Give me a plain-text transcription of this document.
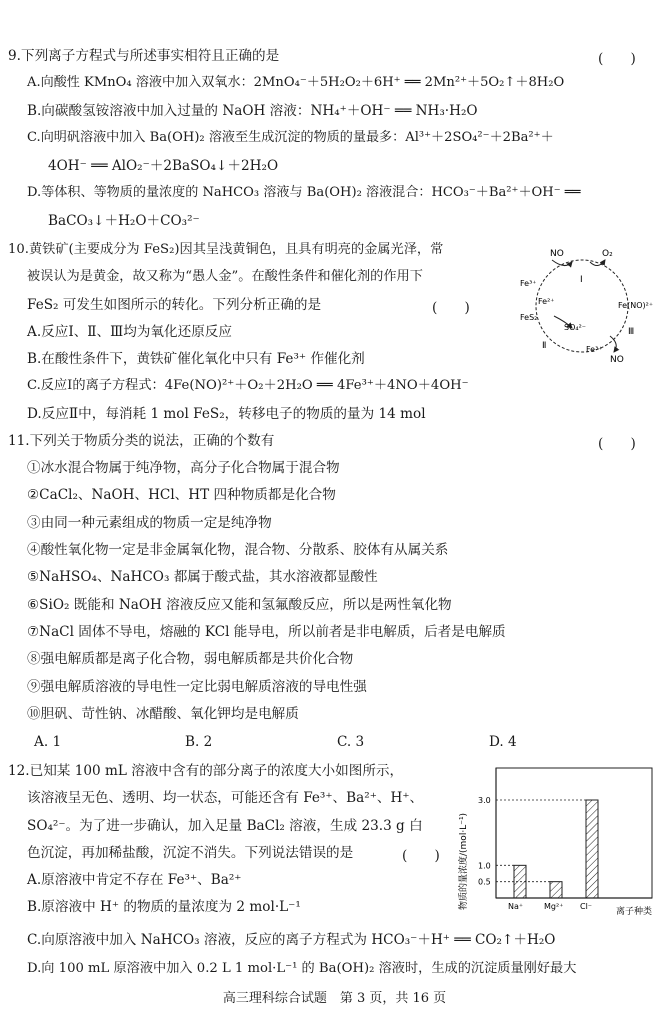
9.下列离子方程式与所述事实相符且正确的是	(　　)
A.向酸性 KMnO₄ 溶液中加入双氧水：2MnO₄⁻＋5H₂O₂＋6H⁺ ══ 2Mn²⁺＋5O₂↑＋8H₂O
B.向碳酸氢铵溶液中加入过量的 NaOH 溶液：NH₄⁺＋OH⁻ ══ NH₃·H₂O
C.向明矾溶液中加入 Ba(OH)₂ 溶液至生成沉淀的物质的量最多：Al³⁺＋2SO₄²⁻＋2Ba²⁺＋
4OH⁻ ══ AlO₂⁻＋2BaSO₄↓＋2H₂O
D.等体积、等物质的量浓度的 NaHCO₃ 溶液与 Ba(OH)₂ 溶液混合：HCO₃⁻＋Ba²⁺＋OH⁻ ══
BaCO₃↓＋H₂O＋CO₃²⁻
10.黄铁矿(主要成分为 FeS₂)因其呈浅黄铜色，且具有明亮的金属光泽，常
被误认为是黄金，故又称为“愚人金”。在酸性条件和催化剂的作用下
FeS₂ 可发生如图所示的转化。下列分析正确的是	(　　)
A.反应Ⅰ、Ⅱ、Ⅲ均为氧化还原反应
B.在酸性条件下，黄铁矿催化氧化中只有 Fe³⁺ 作催化剂
C.反应Ⅰ的离子方程式：4Fe(NO)²⁺＋O₂＋2H₂O ══ 4Fe³⁺＋4NO＋4OH⁻
D.反应Ⅱ中，每消耗 1 mol FeS₂，转移电子的物质的量为 14 mol
NO	O₂
Ⅰ
Fe³⁺
Fe²⁺
FeS₂
SO₄²⁻
Fe(NO)²⁺
Ⅱ
Ⅲ
Fe³⁺
NO
11.下列关于物质分类的说法，正确的个数有	(　　)
①冰水混合物属于纯净物，高分子化合物属于混合物
②CaCl₂、NaOH、HCl、HT 四种物质都是化合物
③由同一种元素组成的物质一定是纯净物
④酸性氧化物一定是非金属氧化物，混合物、分散系、胶体有从属关系
⑤NaHSO₄、NaHCO₃ 都属于酸式盐，其水溶液都显酸性
⑥SiO₂ 既能和 NaOH 溶液反应又能和氢氟酸反应，所以是两性氧化物
⑦NaCl 固体不导电，熔融的 KCl 能导电，所以前者是非电解质，后者是电解质
⑧强电解质都是离子化合物，弱电解质都是共价化合物
⑨强电解质溶液的导电性一定比弱电解质溶液的导电性强
⑩胆矾、苛性钠、冰醋酸、氧化钾均是电解质
A. 1	B. 2	C. 3	D. 4
12.已知某 100 mL 溶液中含有的部分离子的浓度大小如图所示，
该溶液呈无色、透明、均一状态，可能还含有 Fe³⁺、Ba²⁺、H⁺、
SO₄²⁻。为了进一步确认，加入足量 BaCl₂ 溶液，生成 23.3 g 白
色沉淀，再加稀盐酸，沉淀不消失。下列说法错误的是	(　　)
A.原溶液中肯定不存在 Fe³⁺、Ba²⁺
B.原溶液中 H⁺ 的物质的量浓度为 2 mol·L⁻¹
C.向原溶液中加入 NaHCO₃ 溶液，反应的离子方程式为 HCO₃⁻＋H⁺ ══ CO₂↑＋H₂O
D.向 100 mL 原溶液中加入 0.2 L 1 mol·L⁻¹ 的 Ba(OH)₂ 溶液时，生成的沉淀质量刚好最大
物质的量浓度/(mol·L⁻¹)
离子种类
Na⁺	Mg²⁺ Cl⁻
0.5
1.0
3.0
高三理科综合试题　第 3 页，共 16 页
